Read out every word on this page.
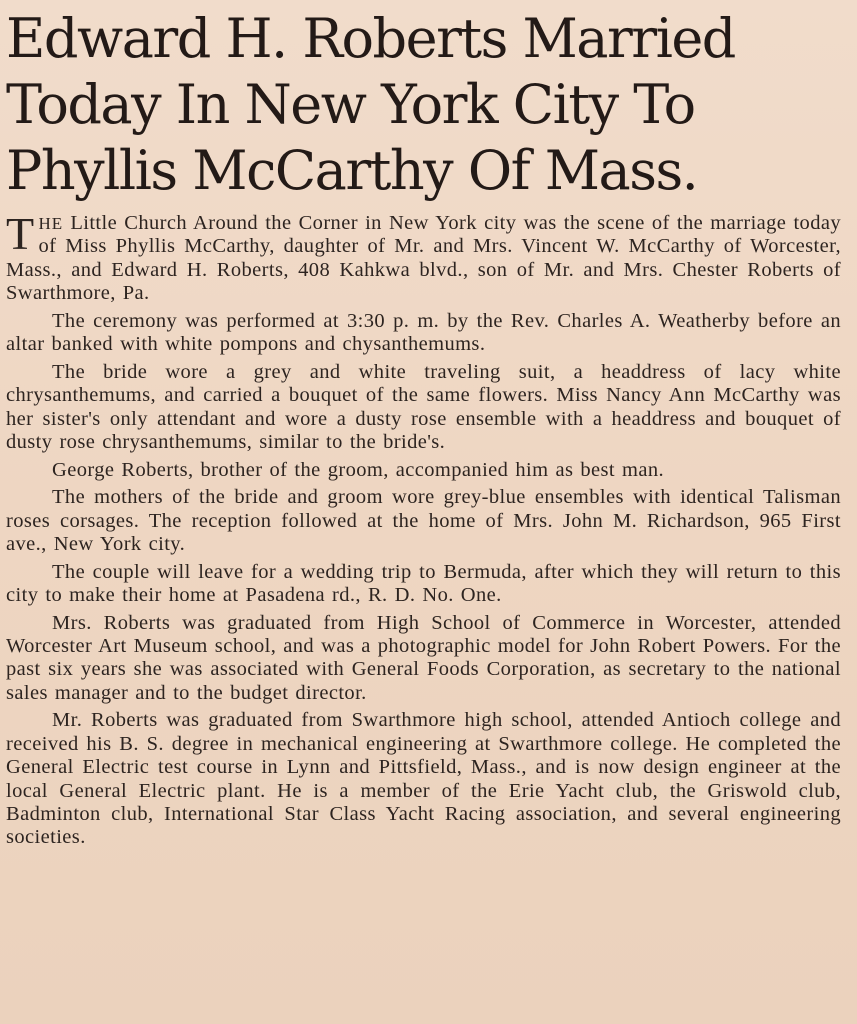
Edward H. Roberts Married
Today In New York City To
Phyllis McCarthy Of Mass.

THE Little Church Around the Corner in New York city was the scene of the marriage today of Miss Phyllis McCarthy, daughter of Mr. and Mrs. Vincent W. McCarthy of Worcester, Mass., and Edward H. Roberts, 408 Kahkwa blvd., son of Mr. and Mrs. Chester Roberts of Swarthmore, Pa.

The ceremony was performed at 3:30 p. m. by the Rev. Charles A. Weatherby before an altar banked with white pompons and chysanthemums.

The bride wore a grey and white traveling suit, a headdress of lacy white chrysanthemums, and carried a bouquet of the same flowers. Miss Nancy Ann McCarthy was her sister's only attendant and wore a dusty rose ensemble with a headdress and bouquet of dusty rose chrysanthemums, similar to the bride's.

George Roberts, brother of the groom, accompanied him as best man.

The mothers of the bride and groom wore grey-blue ensembles with identical Talisman roses corsages. The reception followed at the home of Mrs. John M. Richardson, 965 First ave., New York city.

The couple will leave for a wedding trip to Bermuda, after which they will return to this city to make their home at Pasadena rd., R. D. No. One.

Mrs. Roberts was graduated from High School of Commerce in Worcester, attended Worcester Art Museum school, and was a photographic model for John Robert Powers. For the past six years she was associated with General Foods Corporation, as secretary to the national sales manager and to the budget director.

Mr. Roberts was graduated from Swarthmore high school, attended Antioch college and received his B. S. degree in mechanical engineering at Swarthmore college. He completed the General Electric test course in Lynn and Pittsfield, Mass., and is now design engineer at the local General Electric plant. He is a member of the Erie Yacht club, the Griswold club, Badminton club, International Star Class Yacht Racing association, and several engineering societies.
